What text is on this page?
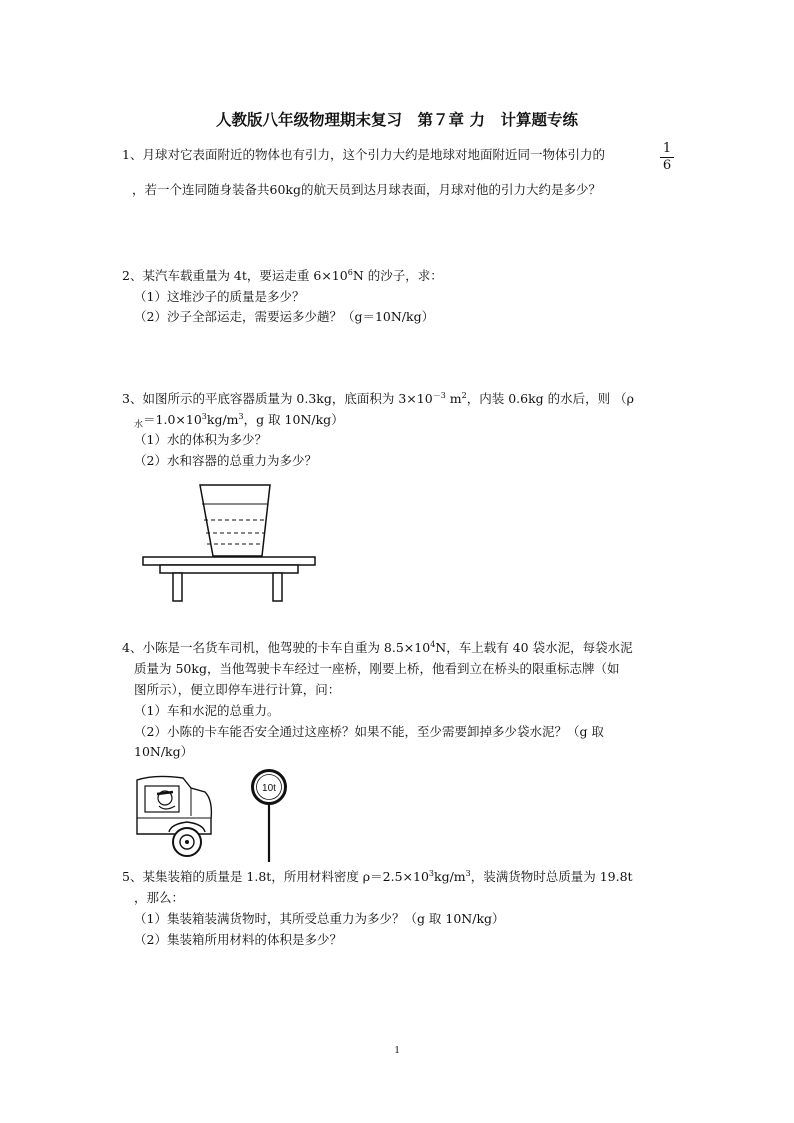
人教版八年级物理期末复习　第７章 力　计算题专练
1、月球对它表面附近的物体也有引力，这个引力大约是地球对地面附近同一物体引力的	1
6
，若一个连同随身装备共60kg的航天员到达月球表面，月球对他的引力大约是多少？
2、某汽车载重量为 4t，要运走重 $6\times 10^6N$ 的沙子，求：
（1）这堆沙子的质量是多少？
（2）沙子全部运走，需要运多少趟？（g＝10N/kg）
3、如图所示的平底容器质量为 0.3kg，底面积为 $3\times 10^{-3}$ $m^2$，内装 0.6kg 的水后，则 （ρ
$_水=1.0\times 10^3kg/m^3$，g 取 10N/kg）
（1）水的体积为多少？
（2）水和容器的总重力为多少？
4、小陈是一名货车司机，他驾驶的卡车自重为 $8.5\times 10^4N$，车上载有 40 袋水泥，每袋水泥
质量为 50kg，当他驾驶卡车经过一座桥，刚要上桥，他看到立在桥头的限重标志牌（如
图所示），便立即停车进行计算，问：
（1）车和水泥的总重力。
（2）小陈的卡车能否安全通过这座桥？如果不能，至少需要卸掉多少袋水泥？（g 取
10N/kg）
10t
5、某集装箱的质量是 1.8t，所用材料密度 $\rho=2.5\times 10^3kg/m^3$，装满货物时总质量为 19.8t
，那么：
（1）集装箱装满货物时，其所受总重力为多少？（g 取 10N/kg）
（2）集装箱所用材料的体积是多少？
1
